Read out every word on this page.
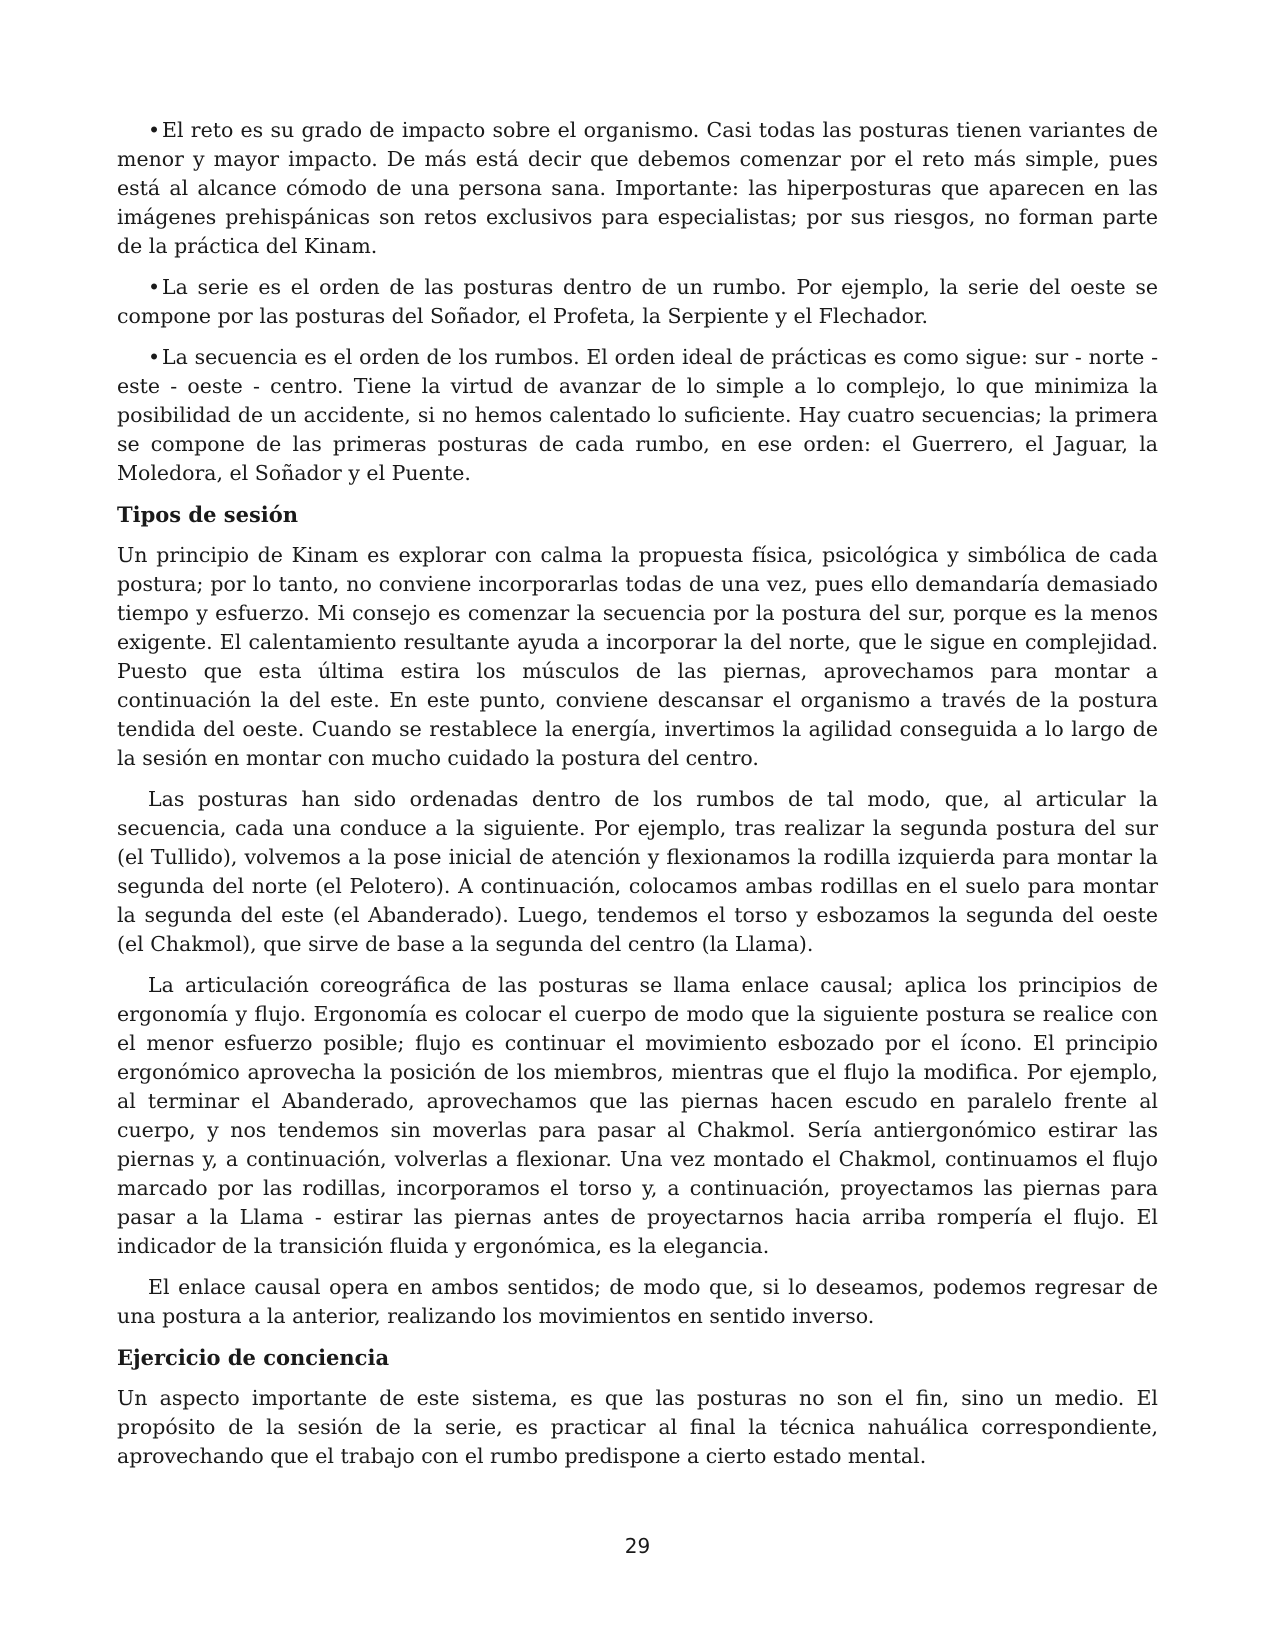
•El reto es su grado de impacto sobre el organismo. Casi todas las posturas tienen variantes de menor y mayor impacto. De más está decir que debemos comenzar por el reto más simple, pues está al alcance cómodo de una persona sana. Importante: las hiperposturas que aparecen en las imágenes prehispánicas son retos exclusivos para especialistas; por sus riesgos, no forman parte de la práctica del Kinam.

•La serie es el orden de las posturas dentro de un rumbo. Por ejemplo, la serie del oeste se compone por las posturas del Soñador, el Profeta, la Serpiente y el Flechador.

•La secuencia es el orden de los rumbos. El orden ideal de prácticas es como sigue: sur - norte - este - oeste - centro. Tiene la virtud de avanzar de lo simple a lo complejo, lo que minimiza la posibilidad de un accidente, si no hemos calentado lo suficiente. Hay cuatro secuencias; la primera se compone de las primeras posturas de cada rumbo, en ese orden: el Guerrero, el Jaguar, la Moledora, el Soñador y el Puente.

Tipos de sesión

Un principio de Kinam es explorar con calma la propuesta física, psicológica y simbólica de cada postura; por lo tanto, no conviene incorporarlas todas de una vez, pues ello demandaría demasiado tiempo y esfuerzo. Mi consejo es comenzar la secuencia por la postura del sur, porque es la menos exigente. El calentamiento resultante ayuda a incorporar la del norte, que le sigue en complejidad. Puesto que esta última estira los músculos de las piernas, aprovechamos para montar a continuación la del este. En este punto, conviene descansar el organismo a través de la postura tendida del oeste. Cuando se restablece la energía, invertimos la agilidad conseguida a lo largo de la sesión en montar con mucho cuidado la postura del centro.

Las posturas han sido ordenadas dentro de los rumbos de tal modo, que, al articular la secuencia, cada una conduce a la siguiente. Por ejemplo, tras realizar la segunda postura del sur (el Tullido), volvemos a la pose inicial de atención y flexionamos la rodilla izquierda para montar la segunda del norte (el Pelotero). A continuación, colocamos ambas rodillas en el suelo para montar la segunda del este (el Abanderado). Luego, tendemos el torso y esbozamos la segunda del oeste (el Chakmol), que sirve de base a la segunda del centro (la Llama).

La articulación coreográfica de las posturas se llama enlace causal; aplica los principios de ergonomía y flujo. Ergonomía es colocar el cuerpo de modo que la siguiente postura se realice con el menor esfuerzo posible; flujo es continuar el movimiento esbozado por el ícono. El principio ergonómico aprovecha la posición de los miembros, mientras que el flujo la modifica. Por ejemplo, al terminar el Abanderado, aprovechamos que las piernas hacen escudo en paralelo frente al cuerpo, y nos tendemos sin moverlas para pasar al Chakmol. Sería antiergonómico estirar las piernas y, a continuación, volverlas a flexionar. Una vez montado el Chakmol, continuamos el flujo marcado por las rodillas, incorporamos el torso y, a continuación, proyectamos las piernas para pasar a la Llama - estirar las piernas antes de proyectarnos hacia arriba rompería el flujo. El indicador de la transición fluida y ergonómica, es la elegancia.

El enlace causal opera en ambos sentidos; de modo que, si lo deseamos, podemos regresar de una postura a la anterior, realizando los movimientos en sentido inverso.

Ejercicio de conciencia

Un aspecto importante de este sistema, es que las posturas no son el fin, sino un medio. El propósito de la sesión de la serie, es practicar al final la técnica nahuálica correspondiente, aprovechando que el trabajo con el rumbo predispone a cierto estado mental.

29
